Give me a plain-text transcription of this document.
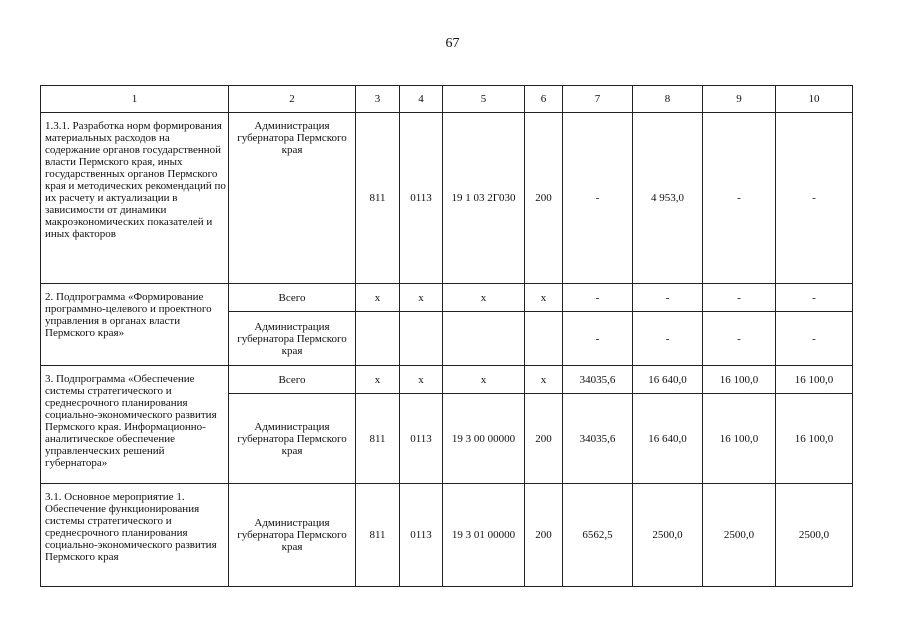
67
1	2	3	4	5	6	7	8	9	10
1.3.1. Разработка норм формирования материальных расходов на содержание органов государственной власти Пермского края, иных государственных органов Пермского края и методических рекомендаций по их расчету и актуализации в зависимости от динамики макроэкономических показателей и иных факторов	Администрация губернатора Пермского края	811	0113	19 1 03 2Г030	200	-	4 953,0	-	-
2. Подпрограмма «Формирование программно-целевого и проектного управления в органах власти Пермского края»	Всего	х	х	х	х	-	-	-	-
	Администрация губернатора Пермского края					-	-	-	-
3. Подпрограмма «Обеспечение системы стратегического и среднесрочного планирования социально-экономического развития Пермского края. Информационно-аналитическое обеспечение управленческих решений губернатора»	Всего	х	х	х	х	34035,6	16 640,0	16 100,0	16 100,0
	Администрация губернатора Пермского края	811	0113	19 3 00 00000	200	34035,6	16 640,0	16 100,0	16 100,0
3.1. Основное мероприятие 1. Обеспечение функционирования системы стратегического и среднесрочного планирования социально-экономического развития Пермского края	Администрация губернатора Пермского края	811	0113	19 3 01 00000	200	6562,5	2500,0	2500,0	2500,0
